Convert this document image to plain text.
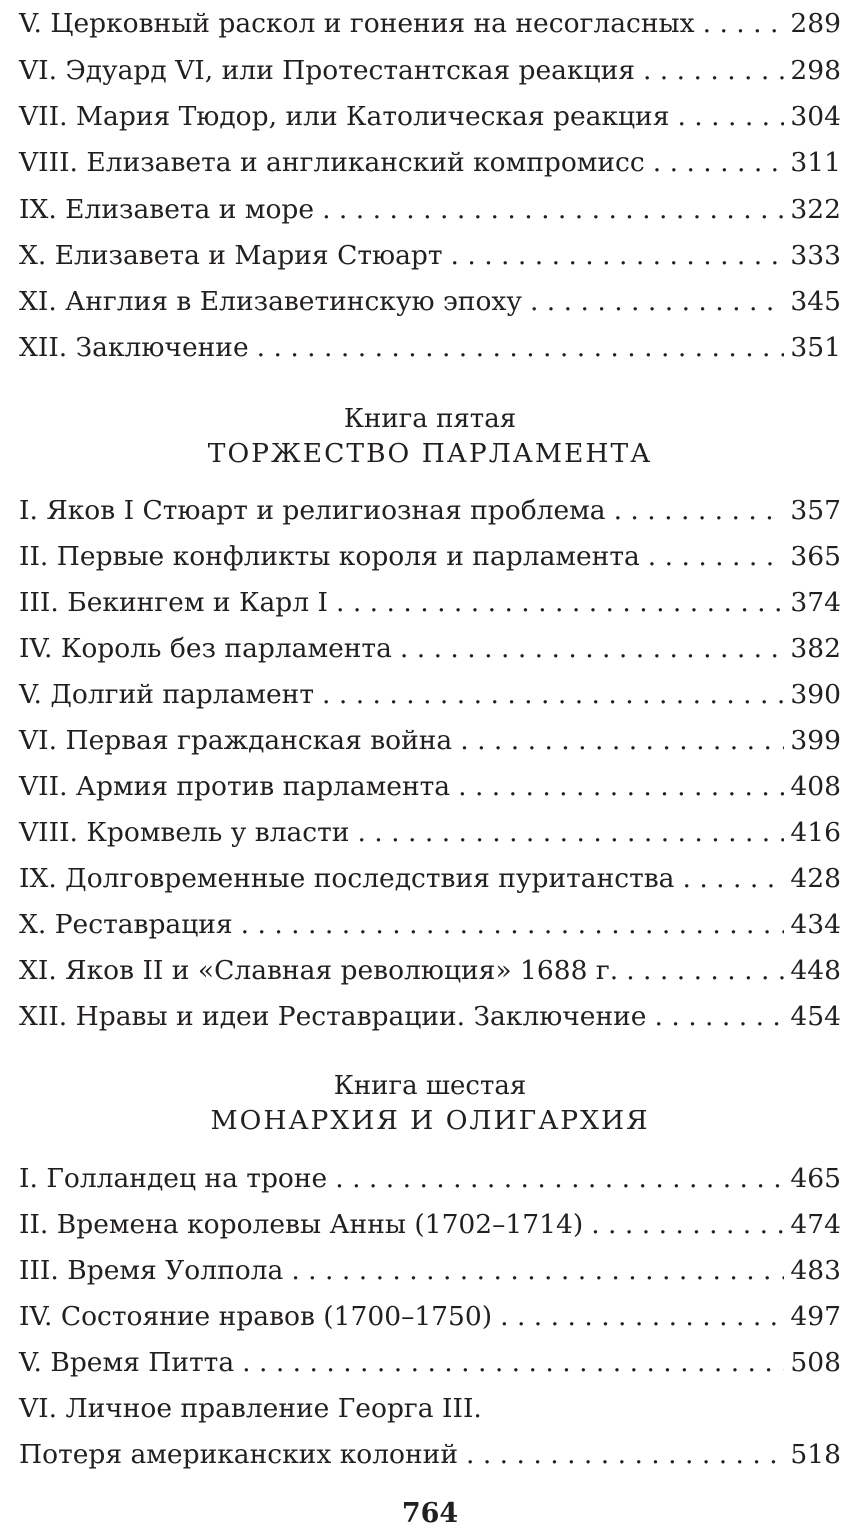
V. Церковный раскол и гонения на несогласных . . .	289
VI. Эдуард VI, или Протестантская реакция . . .	298
VII. Мария Тюдор, или Католическая реакция . . .	304
VIII. Елизавета и англиканский компромисс . . .	311
IX. Елизавета и море . . .	322
X. Елизавета и Мария Стюарт . . .	333
XI. Англия в Елизаветинскую эпоху . . .	345
XII. Заключение . . .	351
Книга пятая
ТОРЖЕСТВО ПАРЛАМЕНТА
I. Яков I Стюарт и религиозная проблема . . .	357
II. Первые конфликты короля и парламента . . .	365
III. Бекингем и Карл I . . .	374
IV. Король без парламента . . .	382
V. Долгий парламент . . .	390
VI. Первая гражданская война . . .	399
VII. Армия против парламента . . .	408
VIII. Кромвель у власти . . .	416
IX. Долговременные последствия пуританства . . .	428
X. Реставрация . . .	434
XI. Яков II и «Славная революция» 1688 г. . . .	448
XII. Нравы и идеи Реставрации. Заключение . . .	454
Книга шестая
МОНАРХИЯ И ОЛИГАРХИЯ
I. Голландец на троне . . .	465
II. Времена королевы Анны (1702–1714) . . .	474
III. Время Уолпола . . .	483
IV. Состояние нравов (1700–1750) . . .	497
V. Время Питта . . .	508
VI. Личное правление Георга III.
Потеря американских колоний . . .	518
764
